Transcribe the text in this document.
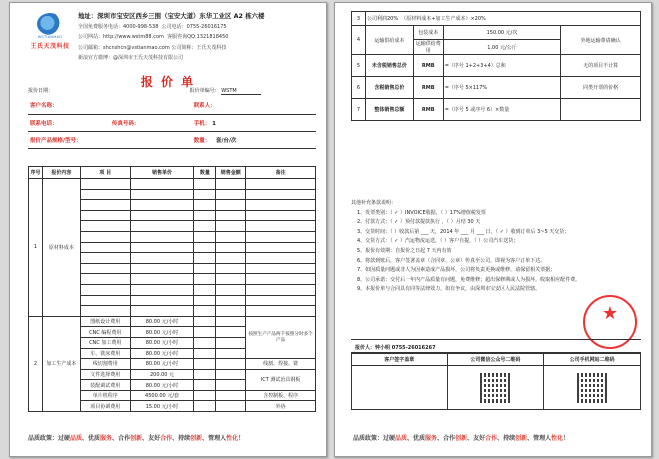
WSTIANMAO
王氏天茂科技
地址：深圳市宝安区西乡三围（宝安大道）东华工业区 A2 栋六楼
全国免费服务电话：4000-998-538 公司电话：0755-26016175
公司网站：http://www.wstm88.com 客服咨询QQ:1321818450
公司邮箱：shcnshcn@vstianmao.com 公司简称：王氏天茂科技
新浪官方微博：@深圳市王氏天茂科技有限公司
报 价 单
报价日期：	报价单编号： WSTM
客户名称：		联系人：
联系电话：	传真号码：	手机： 1
报价产品规格/型号：		数量： 套/台/次
序号	报价内容	项 目	销售单价	数量	销售金额	备注
1	原材料成本					

2	加工生产成本	图纸设计费用	80.00 元/小时			按照生产产品两千按照分时多个产品
		CNC 编程费用	80.00 元/小时			
		CNC 加工费用	80.00 元/小时			
		车、铣床费用	80.00 元/小时			
		线切割费用	80.00 元/小时			线割、焊接、铣
		文件选择费用	200.00 元			ICT 测试治具钢板
		装配调试费用	80.00 元/小时			
		单片机程序	4500.00 元/套			含控制板、程序
		项目协调费用	15.00 元/小时			外协
品质政策：过硬品质、优质服务、合作创新、友好合作、持续创新、管理人性化！
3	公司利润20% （原材料成本+加工生产成本）×20%			
4	运输供给成本	包装成本	150.00 元/次	外地运输尊请确认
		运输供给费用	1.00 元/公斤	
5	未含税销售总价	RMB	=（序号 1+2+3+4）总和	无的项目不计算
6	含税销售总价	RMB	=（序号 5×117%	同类开票的价格
7	整体销售总额	RMB	=（序号 5 或序号 6）×数量	
其他补充条款说明：
1、发票类别：（ ✓ ）INVOICE收据，（ ）17%增值税发票
2、付款方式：（ ✓ ）预付款提款执行 ，（ ）月结 30 天
3、交货时间：（ ）收款后第 ___ 天，2014 年 ___ 月 ___ 日，（ ✓ ）收到订单后 3~5 天交货；
4、交货方式：（ ✓ ）汽运物流运送，（ ）客户自提，（ ）公司汽车送货；
5、报价有效期：自报价之日起 7 天内有效
6、将款到账后，客户签署盖章（合同章、公章）传真至公司，即视为客户订单下达。
7、如因质量问题或非人为因素造成产品损坏，公司将负责更换或维修，请保留相关票据；
8、公司承诺：交付后一年内产品质量有问题，免费维修；超出保修期或人为损坏，收取相应配件费。
9、本报价单与合同具有同等法律效力，如有争议，由深圳市宝安区人民法院管辖。
★
报价人：钟小明 0755-26016267
客户签字盖章	公司微信公众号二维码	公司手机网站二维码

品质政策：过硬品质、优质服务、合作创新、友好合作、持续创新、管理人性化！
